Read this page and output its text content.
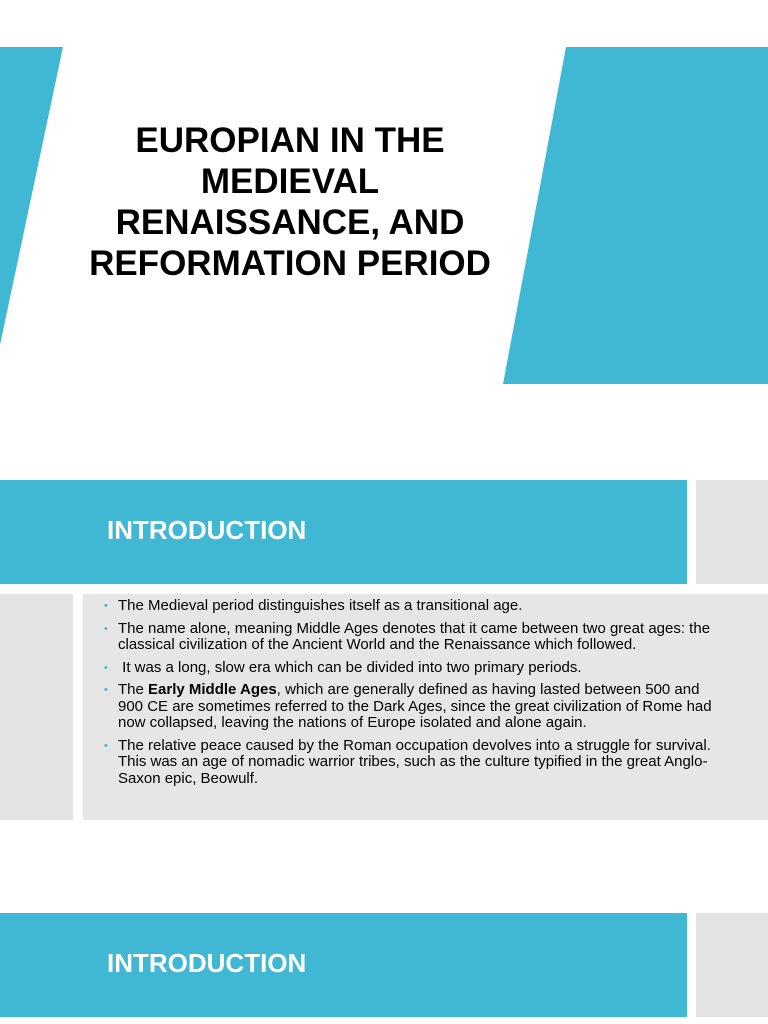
EUROPIAN IN THE
MEDIEVAL
RENAISSANCE, AND
REFORMATION PERIOD
INTRODUCTION
• The Medieval period distinguishes itself as a transitional age.
• The name alone, meaning Middle Ages denotes that it came between two great ages: the classical civilization of the Ancient World and the Renaissance which followed.
• It was a long, slow era which can be divided into two primary periods.
• The Early Middle Ages, which are generally defined as having lasted between 500 and 900 CE are sometimes referred to the Dark Ages, since the great civilization of Rome had now collapsed, leaving the nations of Europe isolated and alone again.
• The relative peace caused by the Roman occupation devolves into a struggle for survival. This was an age of nomadic warrior tribes, such as the culture typified in the great Anglo-Saxon epic, Beowulf.
INTRODUCTION
